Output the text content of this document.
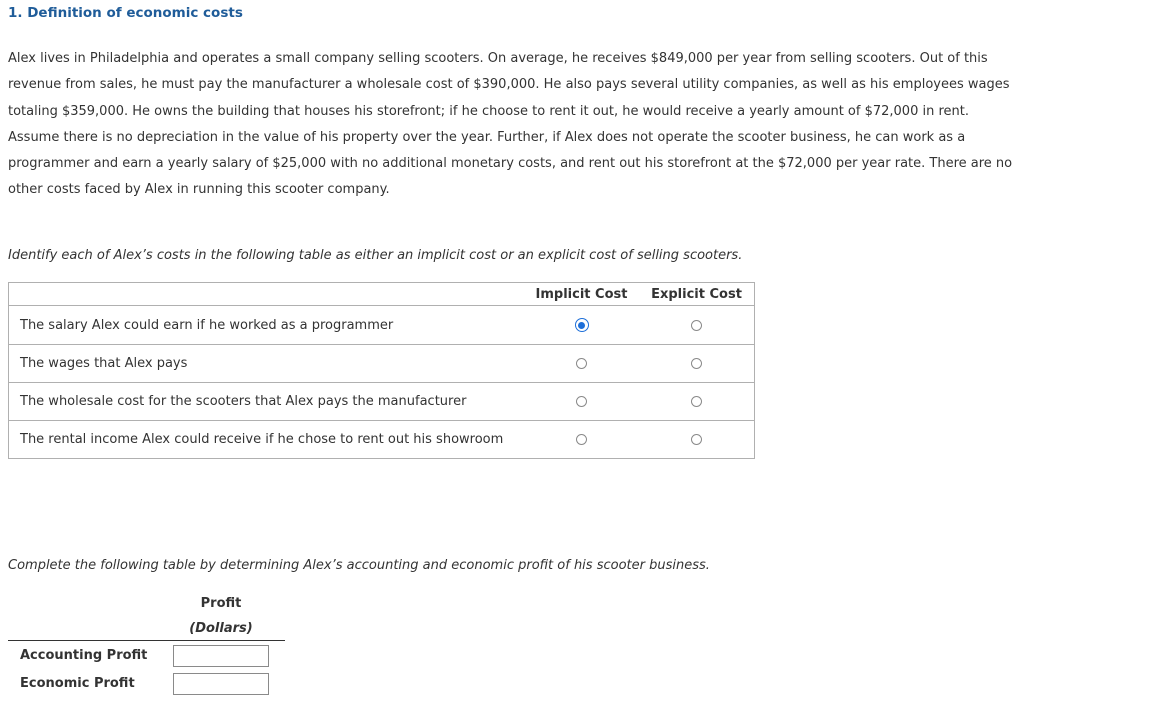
1. Definition of economic costs
Alex lives in Philadelphia and operates a small company selling scooters. On average, he receives $849,000 per year from selling scooters. Out of this revenue from sales, he must pay the manufacturer a wholesale cost of $390,000. He also pays several utility companies, as well as his employees wages totaling $359,000. He owns the building that houses his storefront; if he choose to rent it out, he would receive a yearly amount of $72,000 in rent. Assume there is no depreciation in the value of his property over the year. Further, if Alex does not operate the scooter business, he can work as a programmer and earn a yearly salary of $25,000 with no additional monetary costs, and rent out his storefront at the $72,000 per year rate. There are no other costs faced by Alex in running this scooter company.
Identify each of Alex’s costs in the following table as either an implicit cost or an explicit cost of selling scooters.
	Implicit Cost	Explicit Cost
The salary Alex could earn if he worked as a programmer		
The wages that Alex pays		
The wholesale cost for the scooters that Alex pays the manufacturer		
The rental income Alex could receive if he chose to rent out his showroom		
Complete the following table by determining Alex’s accounting and economic profit of his scooter business.
Profit
(Dollars)
Accounting Profit
Economic Profit
